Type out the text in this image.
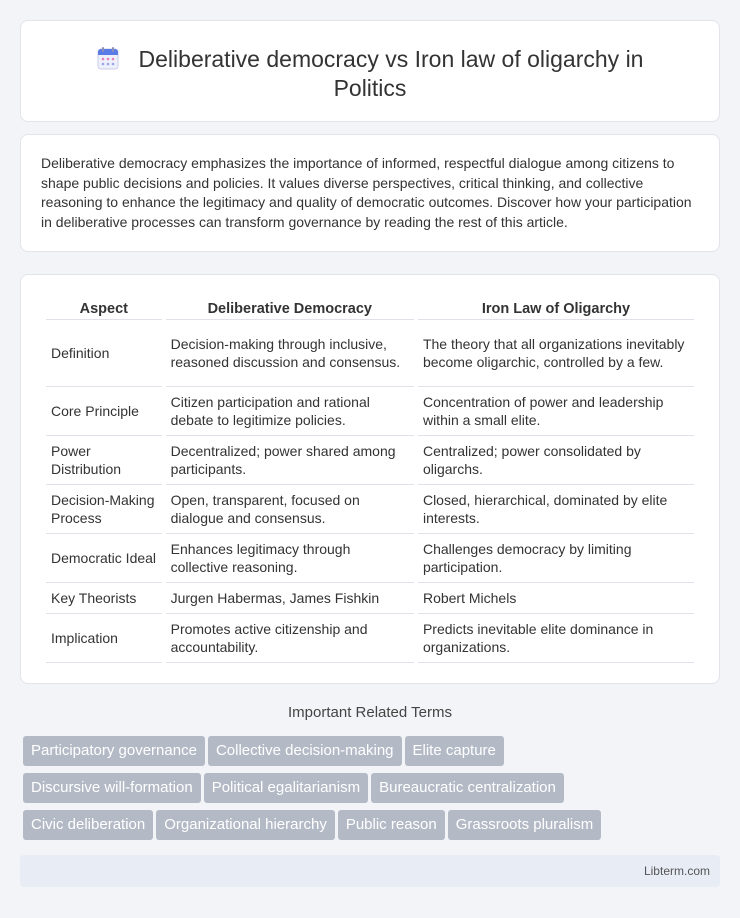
Deliberative democracy vs Iron law of oligarchy in Politics

Deliberative democracy emphasizes the importance of informed, respectful dialogue among citizens to shape public decisions and policies. It values diverse perspectives, critical thinking, and collective reasoning to enhance the legitimacy and quality of democratic outcomes. Discover how your participation in deliberative processes can transform governance by reading the rest of this article.

Aspect	Deliberative Democracy	Iron Law of Oligarchy
Definition	Decision-making through inclusive, reasoned discussion and consensus.	The theory that all organizations inevitably become oligarchic, controlled by a few.
Core Principle	Citizen participation and rational debate to legitimize policies.	Concentration of power and leadership within a small elite.
Power Distribution	Decentralized; power shared among participants.	Centralized; power consolidated by oligarchs.
Decision-Making Process	Open, transparent, focused on dialogue and consensus.	Closed, hierarchical, dominated by elite interests.
Democratic Ideal	Enhances legitimacy through collective reasoning.	Challenges democracy by limiting participation.
Key Theorists	Jurgen Habermas, James Fishkin	Robert Michels
Implication	Promotes active citizenship and accountability.	Predicts inevitable elite dominance in organizations.
Important Related Terms
Participatory governance Collective decision-making Elite capture
Discursive will-formation Political egalitarianism Bureaucratic centralization
Civic deliberation Organizational hierarchy Public reason Grassroots pluralism
Libterm.com
